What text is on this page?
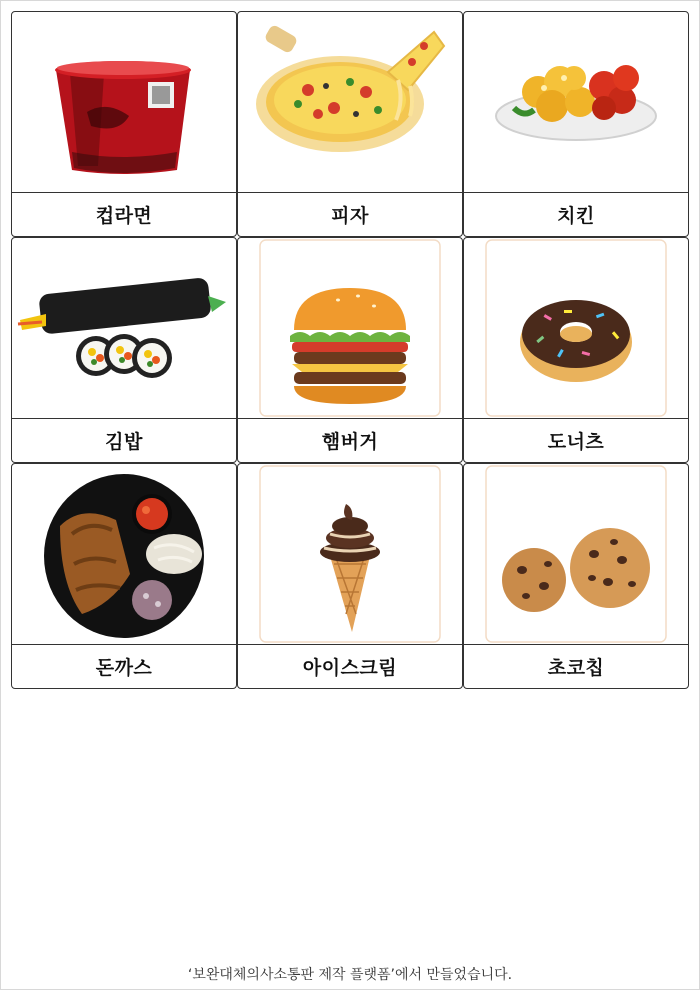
컵라면	피자	치킨
김밥	햄버거	도너츠
돈까스	아이스크림	초코칩
‘보완대체의사소통판 제작 플랫폼’에서 만들었습니다.
